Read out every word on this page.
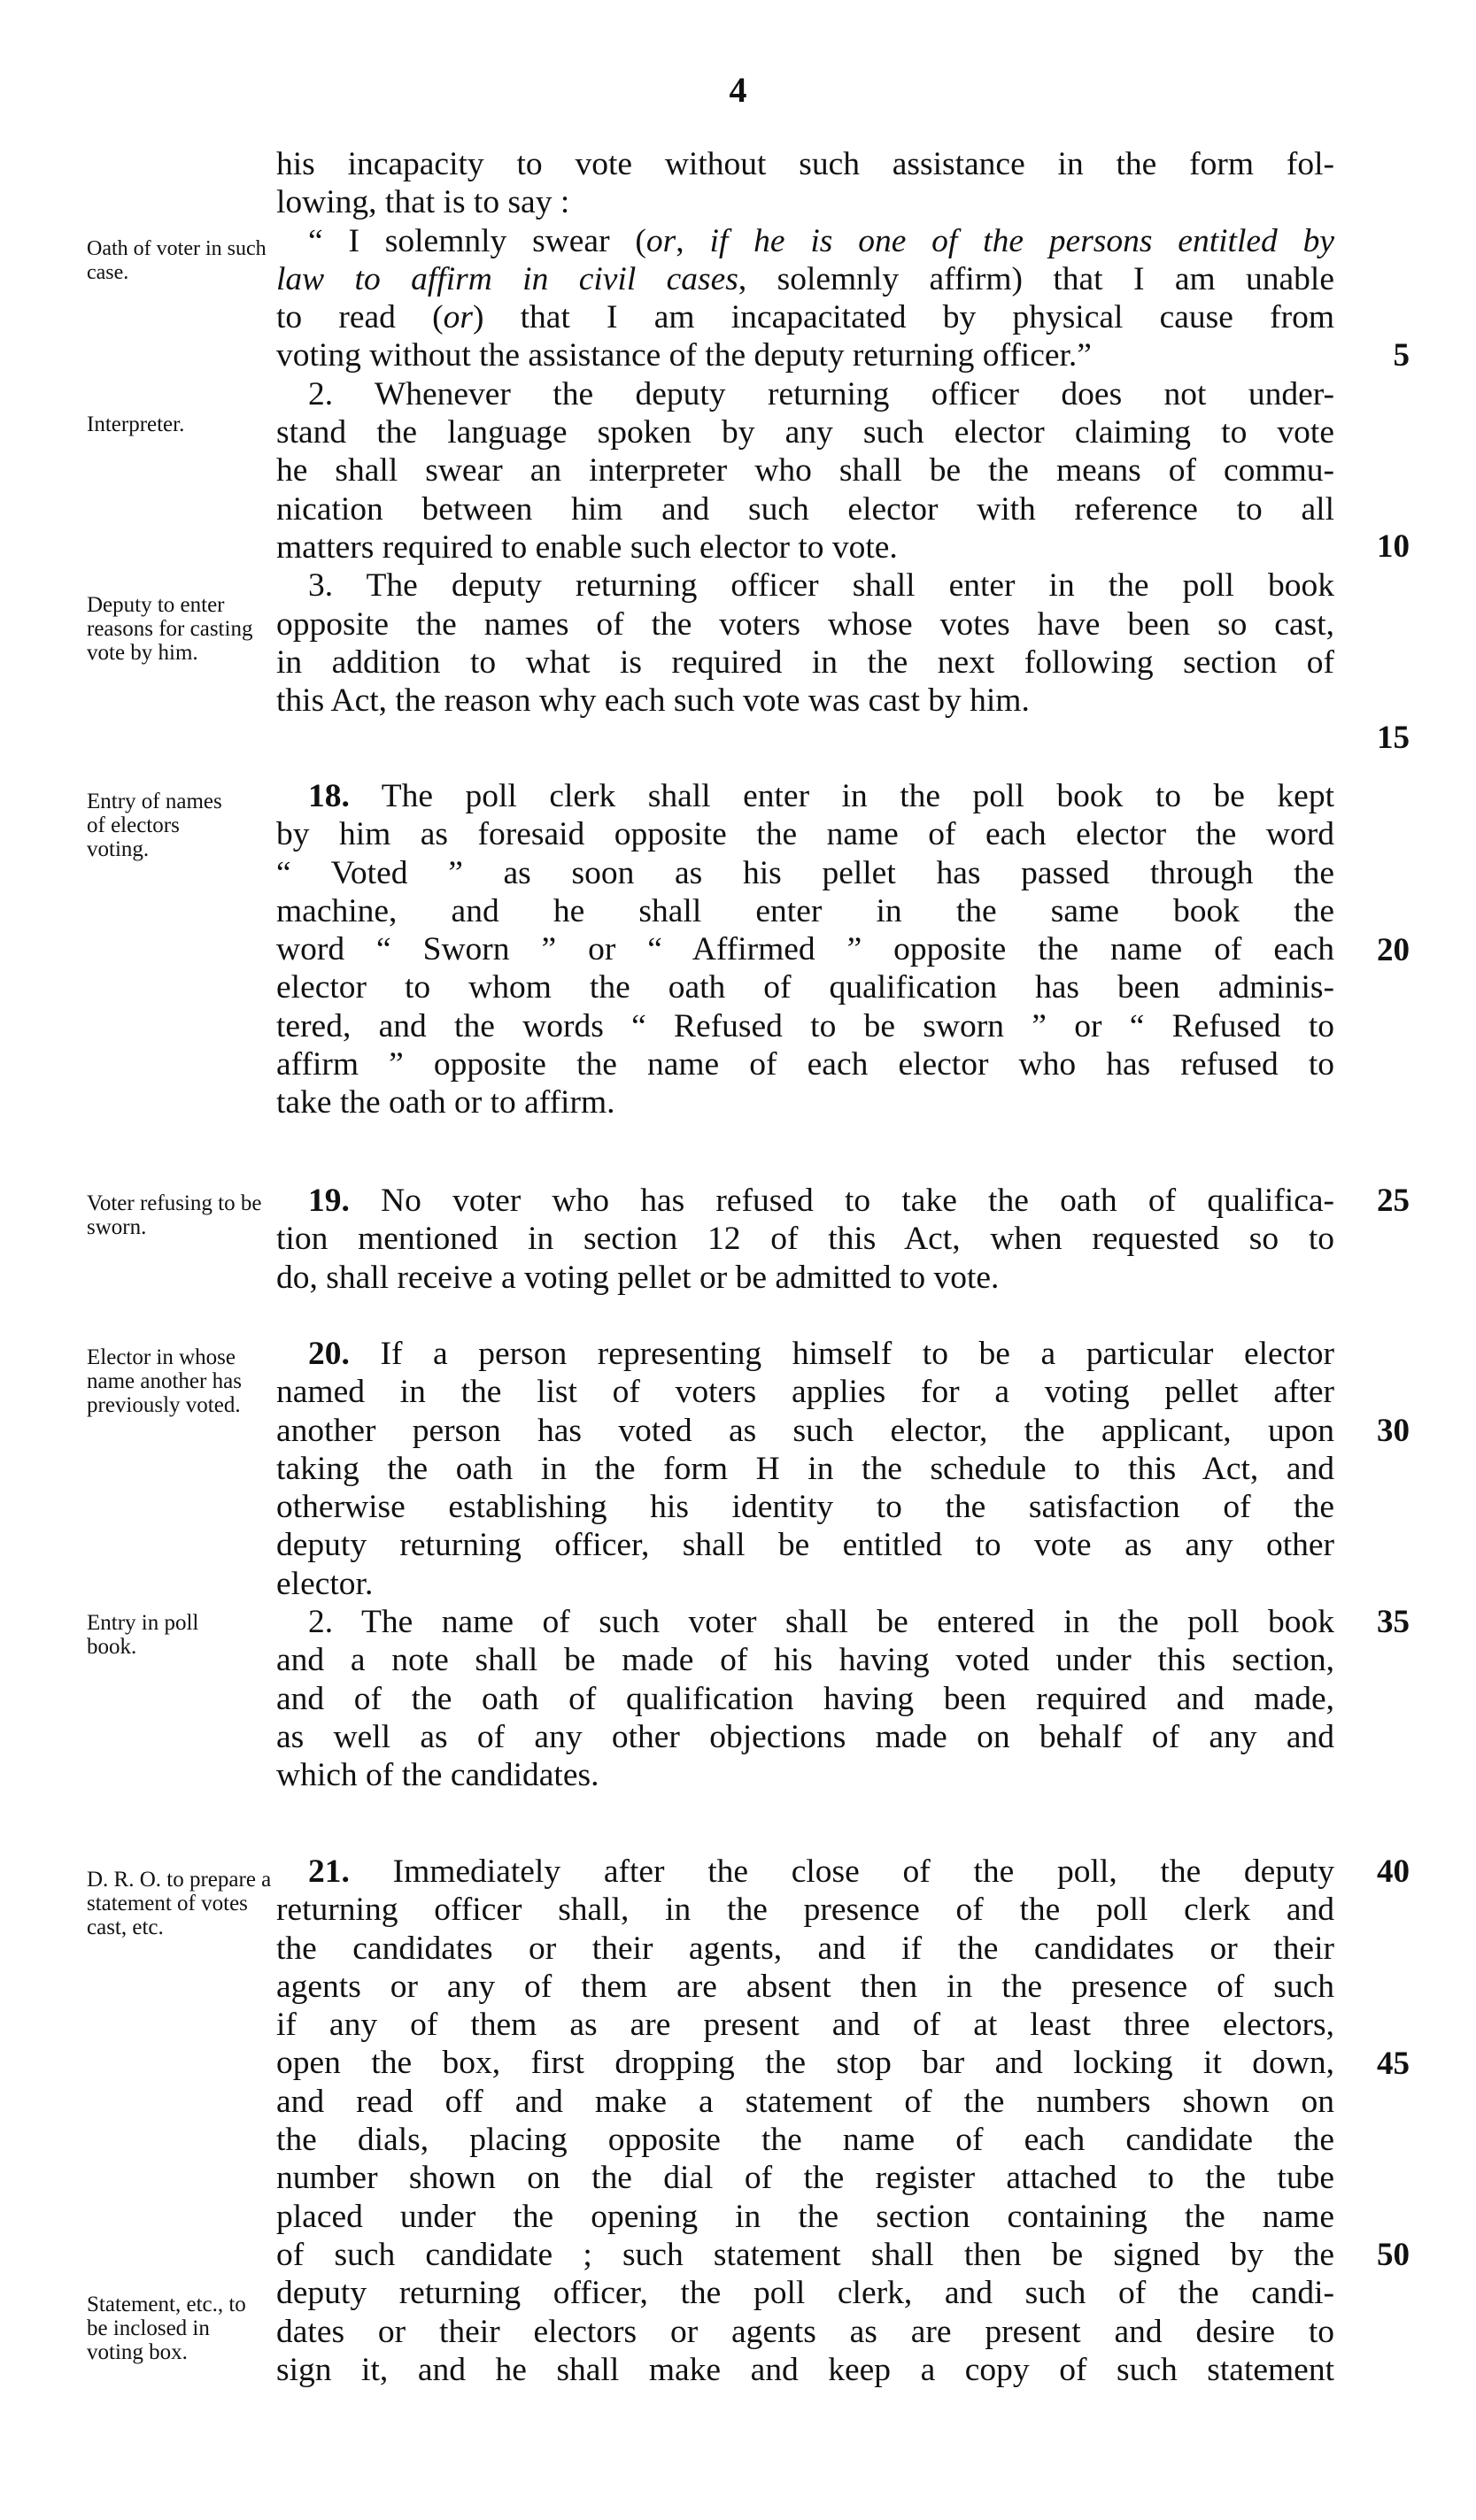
4
his incapacity to vote without such assistance in the form fol-
lowing, that is to say :
“ I solemnly swear (or, if he is one of the persons entitled by
law to affirm in civil cases, solemnly affirm) that I am unable
to read (or) that I am incapacitated by physical cause from
voting without the assistance of the deputy returning officer.”
2. Whenever the deputy returning officer does not under-
stand the language spoken by any such elector claiming to vote
he shall swear an interpreter who shall be the means of commu-
nication between him and such elector with reference to all
matters required to enable such elector to vote.
3. The deputy returning officer shall enter in the poll book
opposite the names of the voters whose votes have been so cast,
in addition to what is required in the next following section of
this Act, the reason why each such vote was cast by him.
18. The poll clerk shall enter in the poll book to be kept
by him as foresaid opposite the name of each elector the word
“ Voted ” as soon as his pellet has passed through the
machine, and he shall enter in the same book the
word “ Sworn ” or “ Affirmed ” opposite the name of each
elector to whom the oath of qualification has been adminis-
tered, and the words “ Refused to be sworn ” or “ Refused to
affirm ” opposite the name of each elector who has refused to
take the oath or to affirm.
19. No voter who has refused to take the oath of qualifica-
tion mentioned in section 12 of this Act, when requested so to
do, shall receive a voting pellet or be admitted to vote.
20. If a person representing himself to be a particular elector
named in the list of voters applies for a voting pellet after
another person has voted as such elector, the applicant, upon
taking the oath in the form H in the schedule to this Act, and
otherwise establishing his identity to the satisfaction of the
deputy returning officer, shall be entitled to vote as any other
elector.
2. The name of such voter shall be entered in the poll book
and a note shall be made of his having voted under this section,
and of the oath of qualification having been required and made,
as well as of any other objections made on behalf of any and
which of the candidates.
21. Immediately after the close of the poll, the deputy
returning officer shall, in the presence of the poll clerk and
the candidates or their agents, and if the candidates or their
agents or any of them are absent then in the presence of such
if any of them as are present and of at least three electors,
open the box, first dropping the stop bar and locking it down,
and read off and make a statement of the numbers shown on
the dials, placing opposite the name of each candidate the
number shown on the dial of the register attached to the tube
placed under the opening in the section containing the name
of such candidate ; such statement shall then be signed by the
deputy returning officer, the poll clerk, and such of the candi-
dates or their electors or agents as are present and desire to
sign it, and he shall make and keep a copy of such statement
Oath of voter in such case.
Interpreter.
Deputy to enter reasons for casting vote by him.
Entry of names of electors voting.
Voter refusing to be sworn.
Elector in whose name another has previously voted.
Entry in poll book.
D. R. O. to prepare a statement of votes cast, etc.
Statement, etc., to be inclosed in voting box.
5
10
15
20
25
30
35
40
45
50
